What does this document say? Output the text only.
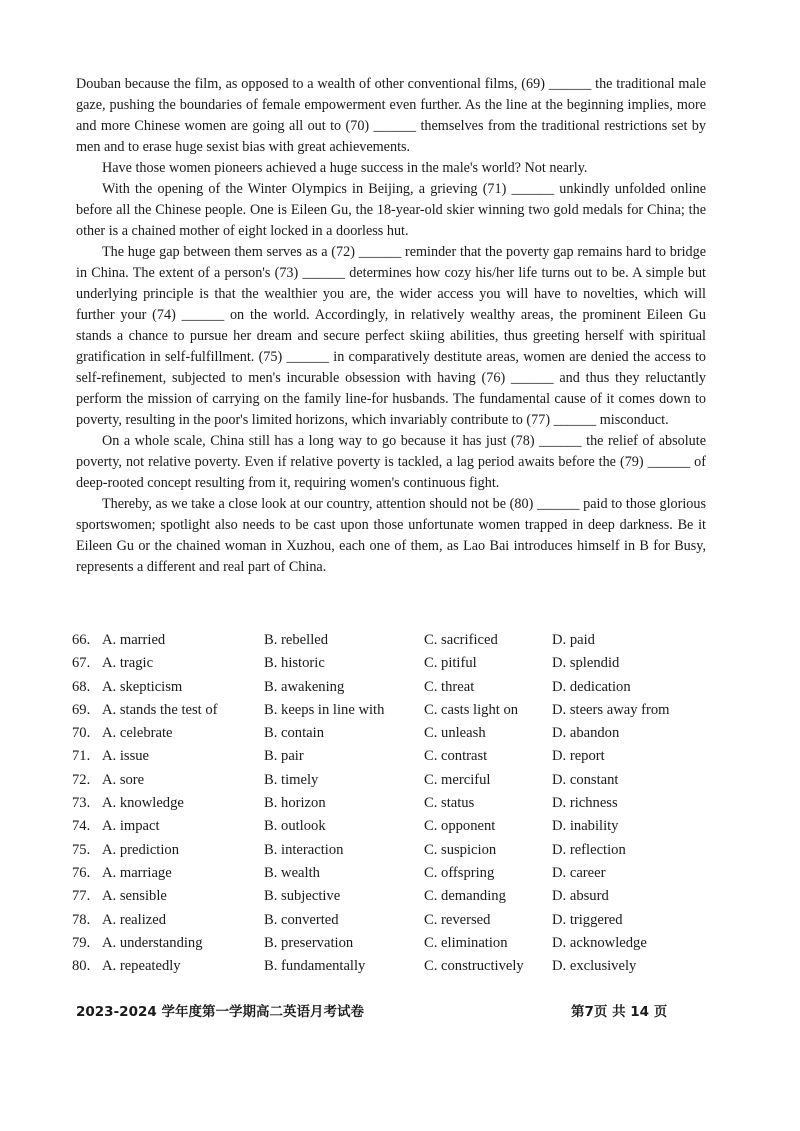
Douban because the film, as opposed to a wealth of other conventional films, (69) ______ the traditional male gaze, pushing the boundaries of female empowerment even further. As the line at the beginning implies, more and more Chinese women are going all out to (70) ______ themselves from the traditional restrictions set by men and to erase huge sexist bias with great achievements.

Have those women pioneers achieved a huge success in the male's world? Not nearly.

With the opening of the Winter Olympics in Beijing, a grieving (71) ______ unkindly unfolded online before all the Chinese people. One is Eileen Gu, the 18-year-old skier winning two gold medals for China; the other is a chained mother of eight locked in a doorless hut.

The huge gap between them serves as a (72) ______ reminder that the poverty gap remains hard to bridge in China. The extent of a person's (73) ______ determines how cozy his/her life turns out to be. A simple but underlying principle is that the wealthier you are, the wider access you will have to novelties, which will further your (74) ______ on the world. Accordingly, in relatively wealthy areas, the prominent Eileen Gu stands a chance to pursue her dream and secure perfect skiing abilities, thus greeting herself with spiritual gratification in self-fulfillment. (75) ______ in comparatively destitute areas, women are denied the access to self-refinement, subjected to men's incurable obsession with having (76) ______ and thus they reluctantly perform the mission of carrying on the family line-for husbands. The fundamental cause of it comes down to poverty, resulting in the poor's limited horizons, which invariably contribute to (77) ______ misconduct.

On a whole scale, China still has a long way to go because it has just (78) ______ the relief of absolute poverty, not relative poverty. Even if relative poverty is tackled, a lag period awaits before the (79) ______ of deep-rooted concept resulting from it, requiring women's continuous fight.

Thereby, as we take a close look at our country, attention should not be (80) ______ paid to those glorious sportswomen; spotlight also needs to be cast upon those unfortunate women trapped in deep darkness. Be it Eileen Gu or the chained woman in Xuzhou, each one of them, as Lao Bai introduces himself in B for Busy, represents a different and real part of China.

66. A. married	B. rebelled	C. sacrificed	D. paid
67. A. tragic	B. historic	C. pitiful	D. splendid
68. A. skepticism	B. awakening	C. threat	D. dedication
69. A. stands the test of	B. keeps in line with	C. casts light on	D. steers away from
70. A. celebrate	B. contain	C. unleash	D. abandon
71. A. issue	B. pair	C. contrast	D. report
72. A. sore	B. timely	C. merciful	D. constant
73. A. knowledge	B. horizon	C. status	D. richness
74. A. impact	B. outlook	C. opponent	D. inability
75. A. prediction	B. interaction	C. suspicion	D. reflection
76. A. marriage	B. wealth	C. offspring	D. career
77. A. sensible	B. subjective	C. demanding	D. absurd
78. A. realized	B. converted	C. reversed	D. triggered
79. A. understanding	B. preservation	C. elimination	D. acknowledge
80. A. repeatedly	B. fundamentally	C. constructively	D. exclusively
2023-2024 学年度第一学期高二英语月考试卷	第7页 共 14 页
